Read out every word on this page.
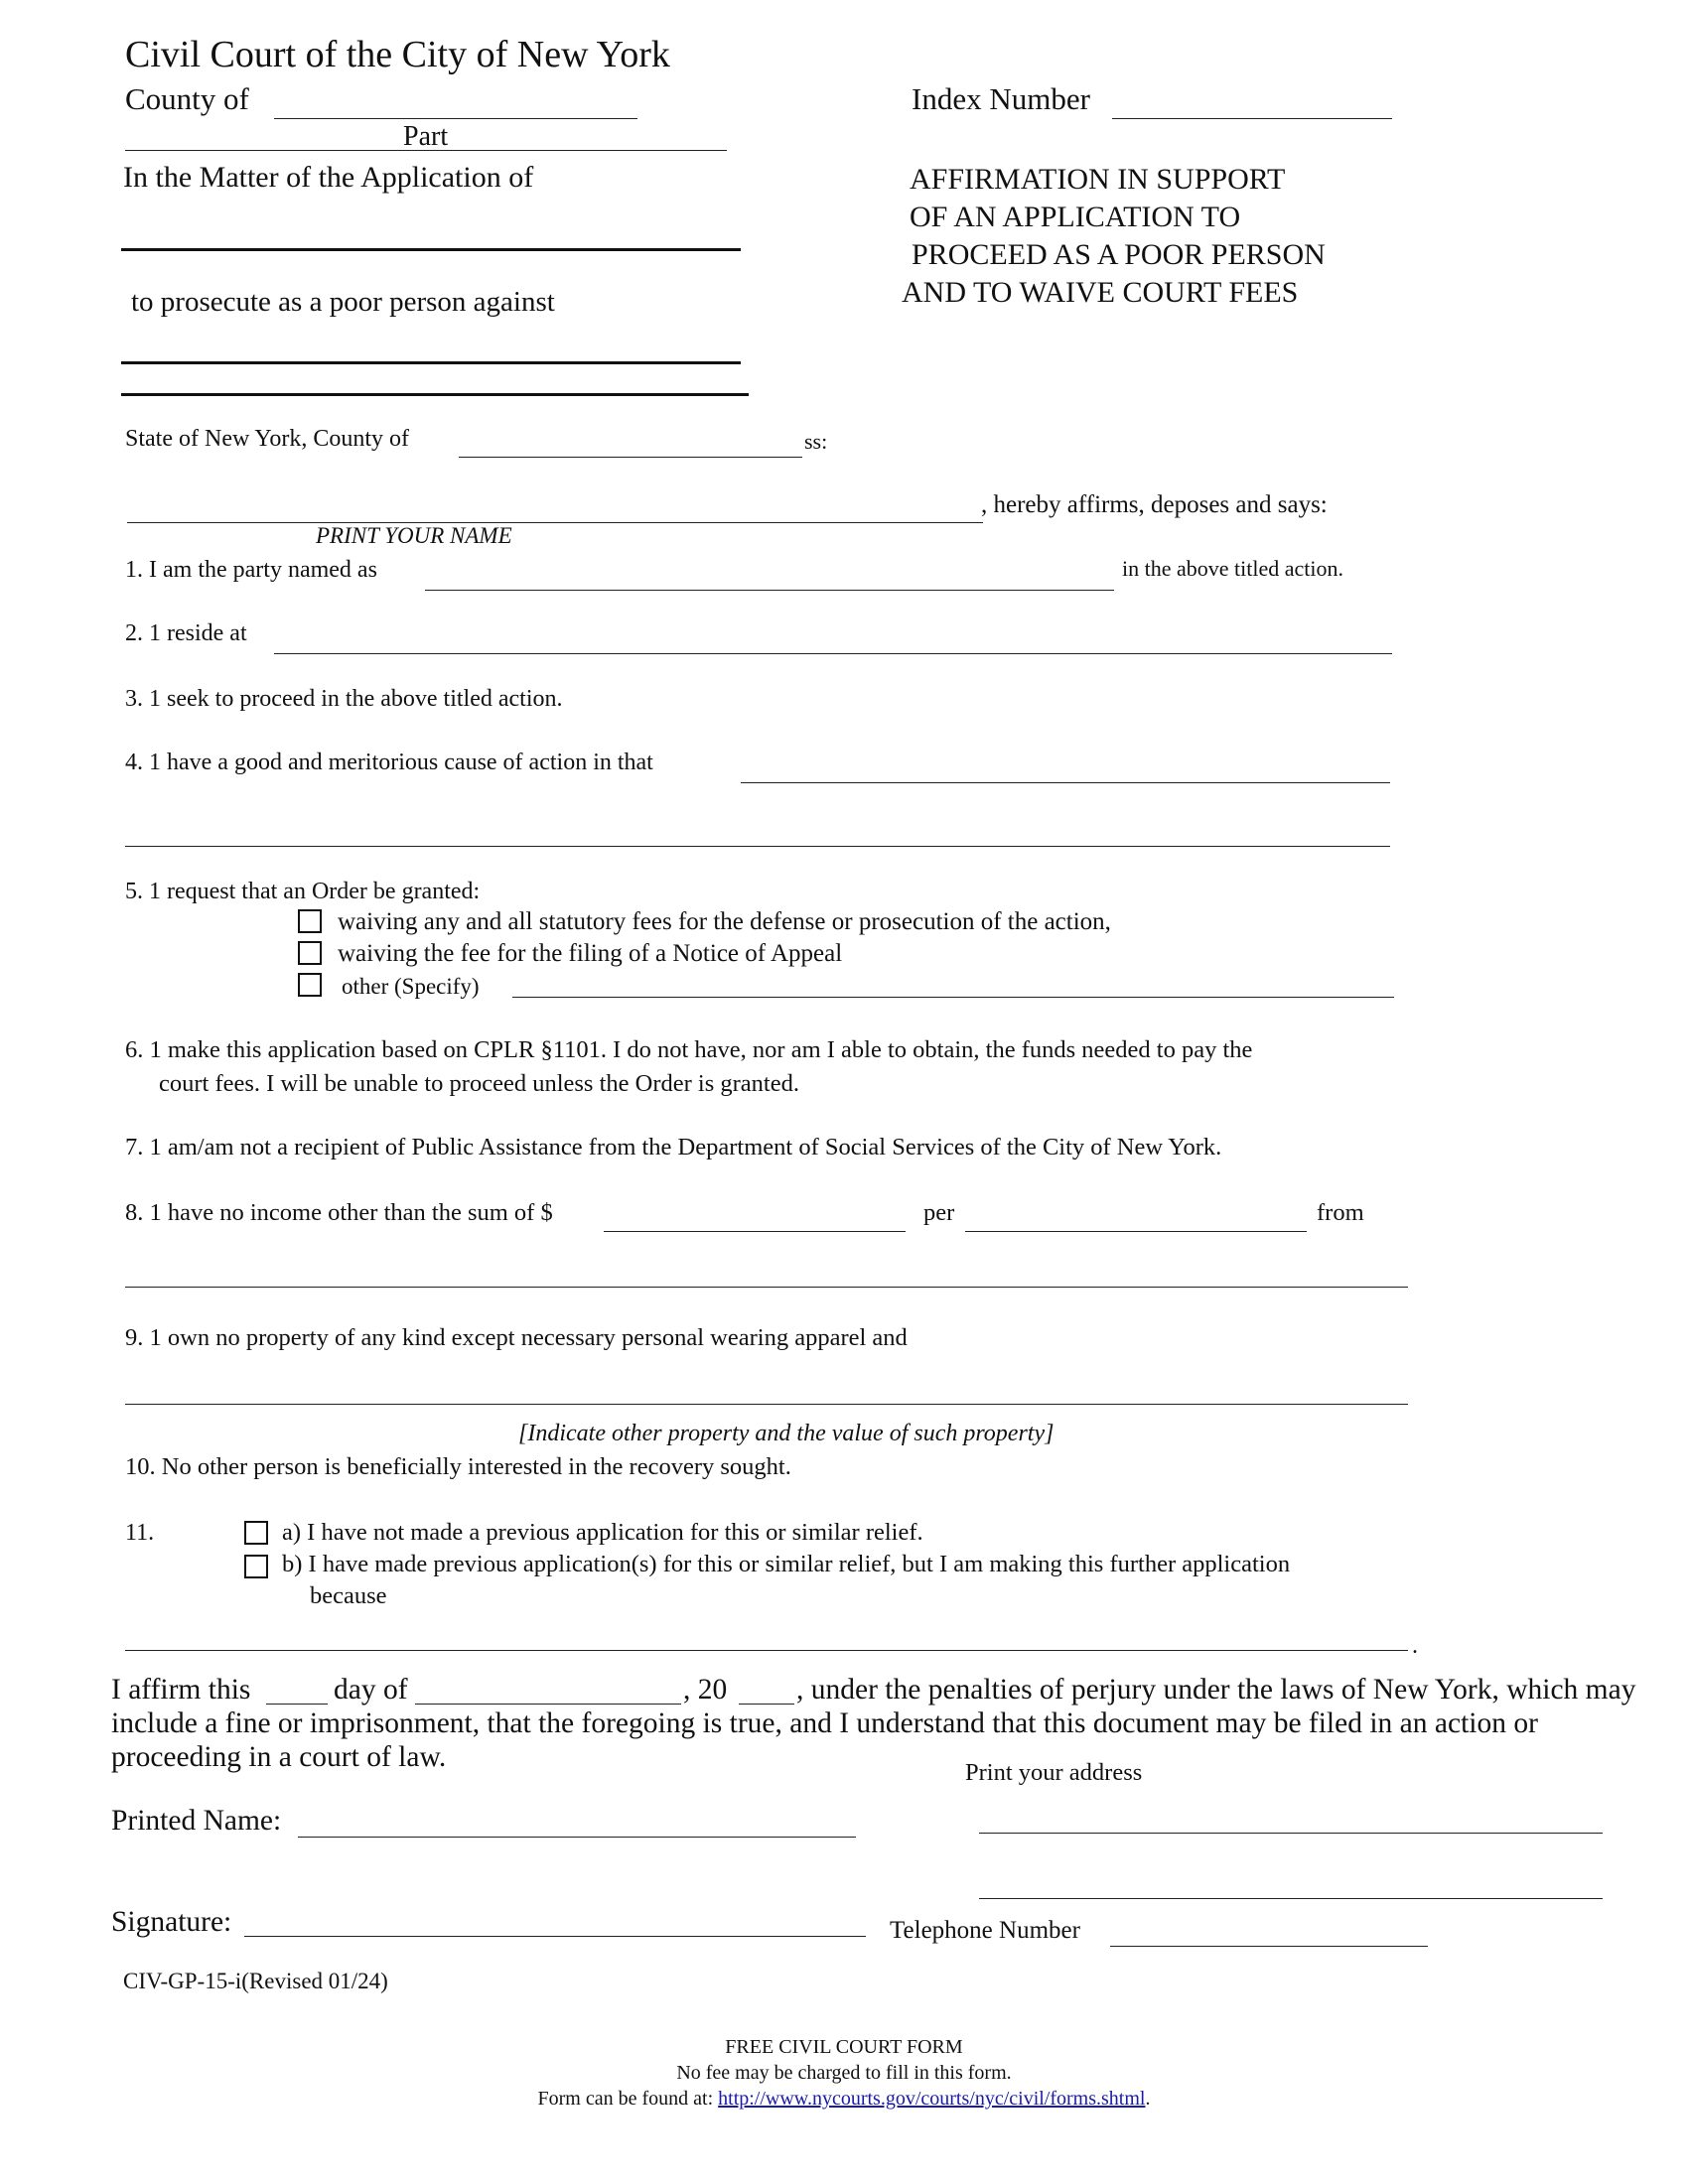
Civil Court of the City of New York
County of
Part
In the Matter of the Application of
to prosecute as a poor person against
Index Number
AFFIRMATION IN SUPPORT
OF AN APPLICATION TO
PROCEED AS A POOR PERSON
AND TO WAIVE COURT FEES
State of New York, County of	ss:
, hereby affirms, deposes and says:
PRINT YOUR NAME
1. I am the party named as	in the above titled action.
2. 1 reside at
3. 1 seek to proceed in the above titled action.
4. 1 have a good and meritorious cause of action in that
5. 1 request that an Order be granted:
waiving any and all statutory fees for the defense or prosecution of the action,
waiving the fee for the filing of a Notice of Appeal
other (Specify)
6. 1 make this application based on CPLR §1101. I do not have, nor am I able to obtain, the funds needed to pay the
court fees. I will be unable to proceed unless the Order is granted.
7. 1 am/am not a recipient of Public Assistance from the Department of Social Services of the City of New York.
8. 1 have no income other than the sum of $	per	from
9. 1 own no property of any kind except necessary personal wearing apparel and
[Indicate other property and the value of such property]
10. No other person is beneficially interested in the recovery sought.
11.	a) I have not made a previous application for this or similar relief.
b) I have made previous application(s) for this or similar relief, but I am making this further application
because
.
I affirm this	day of	, 20 , under the penalties of perjury under the laws of New York, which may
include a fine or imprisonment, that the foregoing is true, and I understand that this document may be filed in an action or
proceeding in a court of law.	Print your address
Printed Name:
Signature:	Telephone Number
CIV-GP-15-i(Revised 01/24)
FREE CIVIL COURT FORM
No fee may be charged to fill in this form.
Form can be found at: http://www.nycourts.gov/courts/nyc/civil/forms.shtml.
